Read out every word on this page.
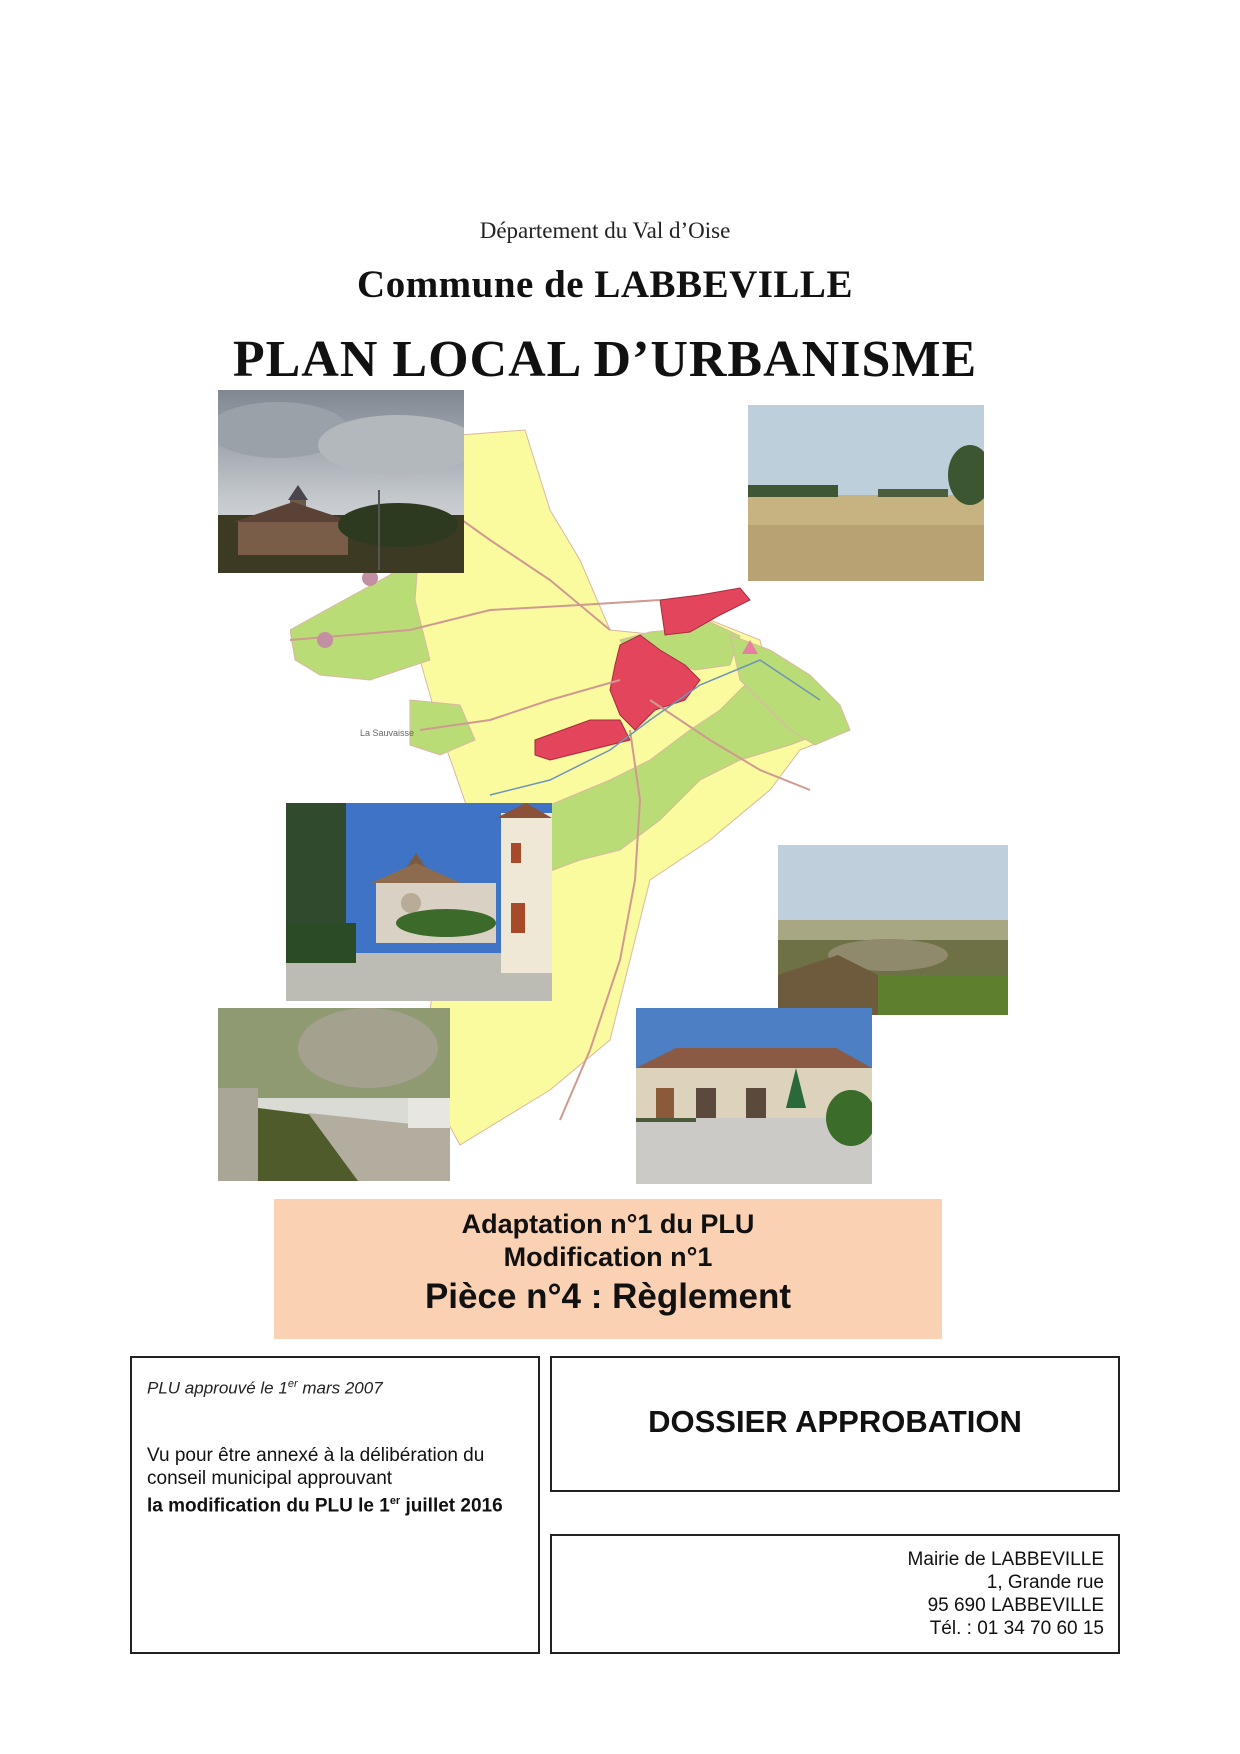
Département du Val d’Oise
Commune de LABBEVILLE
PLAN LOCAL D’URBANISME
La Sauvaisse
Adaptation n°1 du PLU
Modification n°1
Pièce n°4 : Règlement
PLU approuvé le 1er mars 2007
Vu pour être annexé à la délibération du
conseil municipal approuvant
la modification du PLU le 1er juillet 2016
DOSSIER APPROBATION
Mairie de LABBEVILLE
1, Grande rue
95 690 LABBEVILLE
Tél. : 01 34 70 60 15
